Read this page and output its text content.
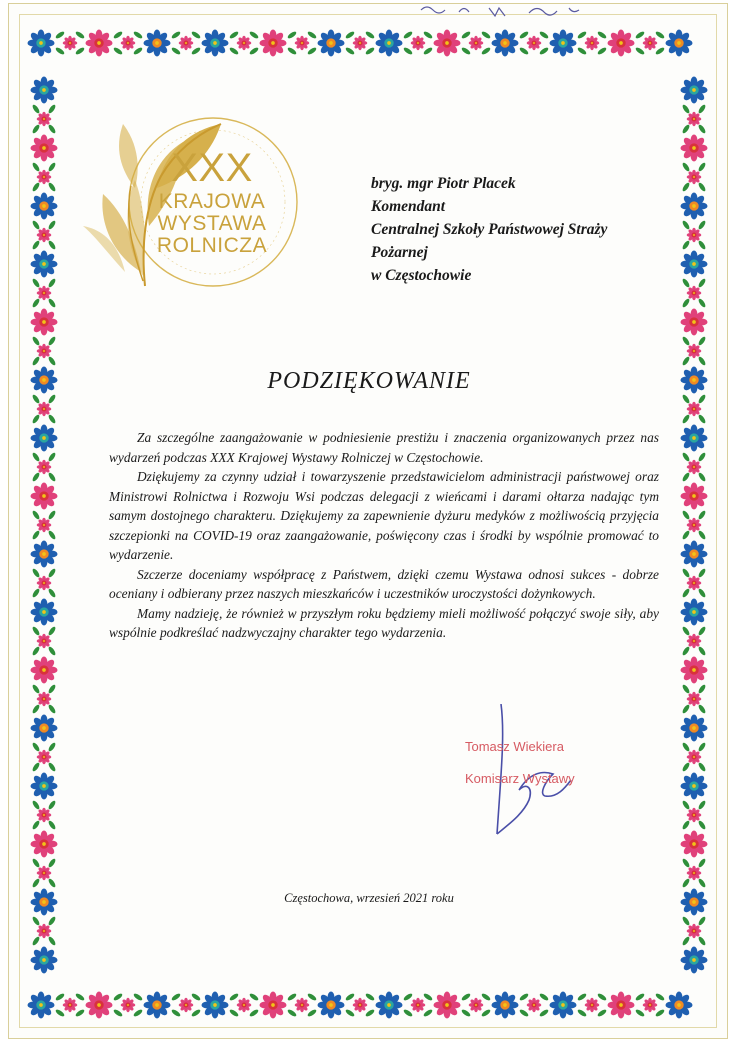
XXX
KRAJOWA
WYSTAWA
ROLNICZA
bryg. mgr Piotr Placek
Komendant
Centralnej Szkoły Państwowej Straży
Pożarnej
w Częstochowie
PODZIĘKOWANIE

Za szczególne zaangażowanie w podniesienie prestiżu i znaczenia organizowanych przez nas wydarzeń podczas XXX Krajowej Wystawy Rolniczej w Częstochowie.

Dziękujemy za czynny udział i towarzyszenie przedstawicielom administracji państwowej oraz Ministrowi Rolnictwa i Rozwoju Wsi podczas delegacji z wieńcami i darami ołtarza nadając tym samym dostojnego charakteru. Dziękujemy za zapewnienie dyżuru medyków z możliwością przyjęcia szczepionki na COVID-19 oraz zaangażowanie, poświęcony czas i środki by wspólnie promować to wydarzenie.

Szczerze doceniamy współpracę z Państwem, dzięki czemu Wystawa odnosi sukces - dobrze oceniany i odbierany przez naszych mieszkańców i uczestników uroczystości dożynkowych.

Mamy nadzieję, że również w przyszłym roku będziemy mieli możliwość połączyć swoje siły, aby wspólnie podkreślać nadzwyczajny charakter tego wydarzenia.

Tomasz Wiekiera
Komisarz Wystawy
Częstochowa, wrzesień 2021 roku
